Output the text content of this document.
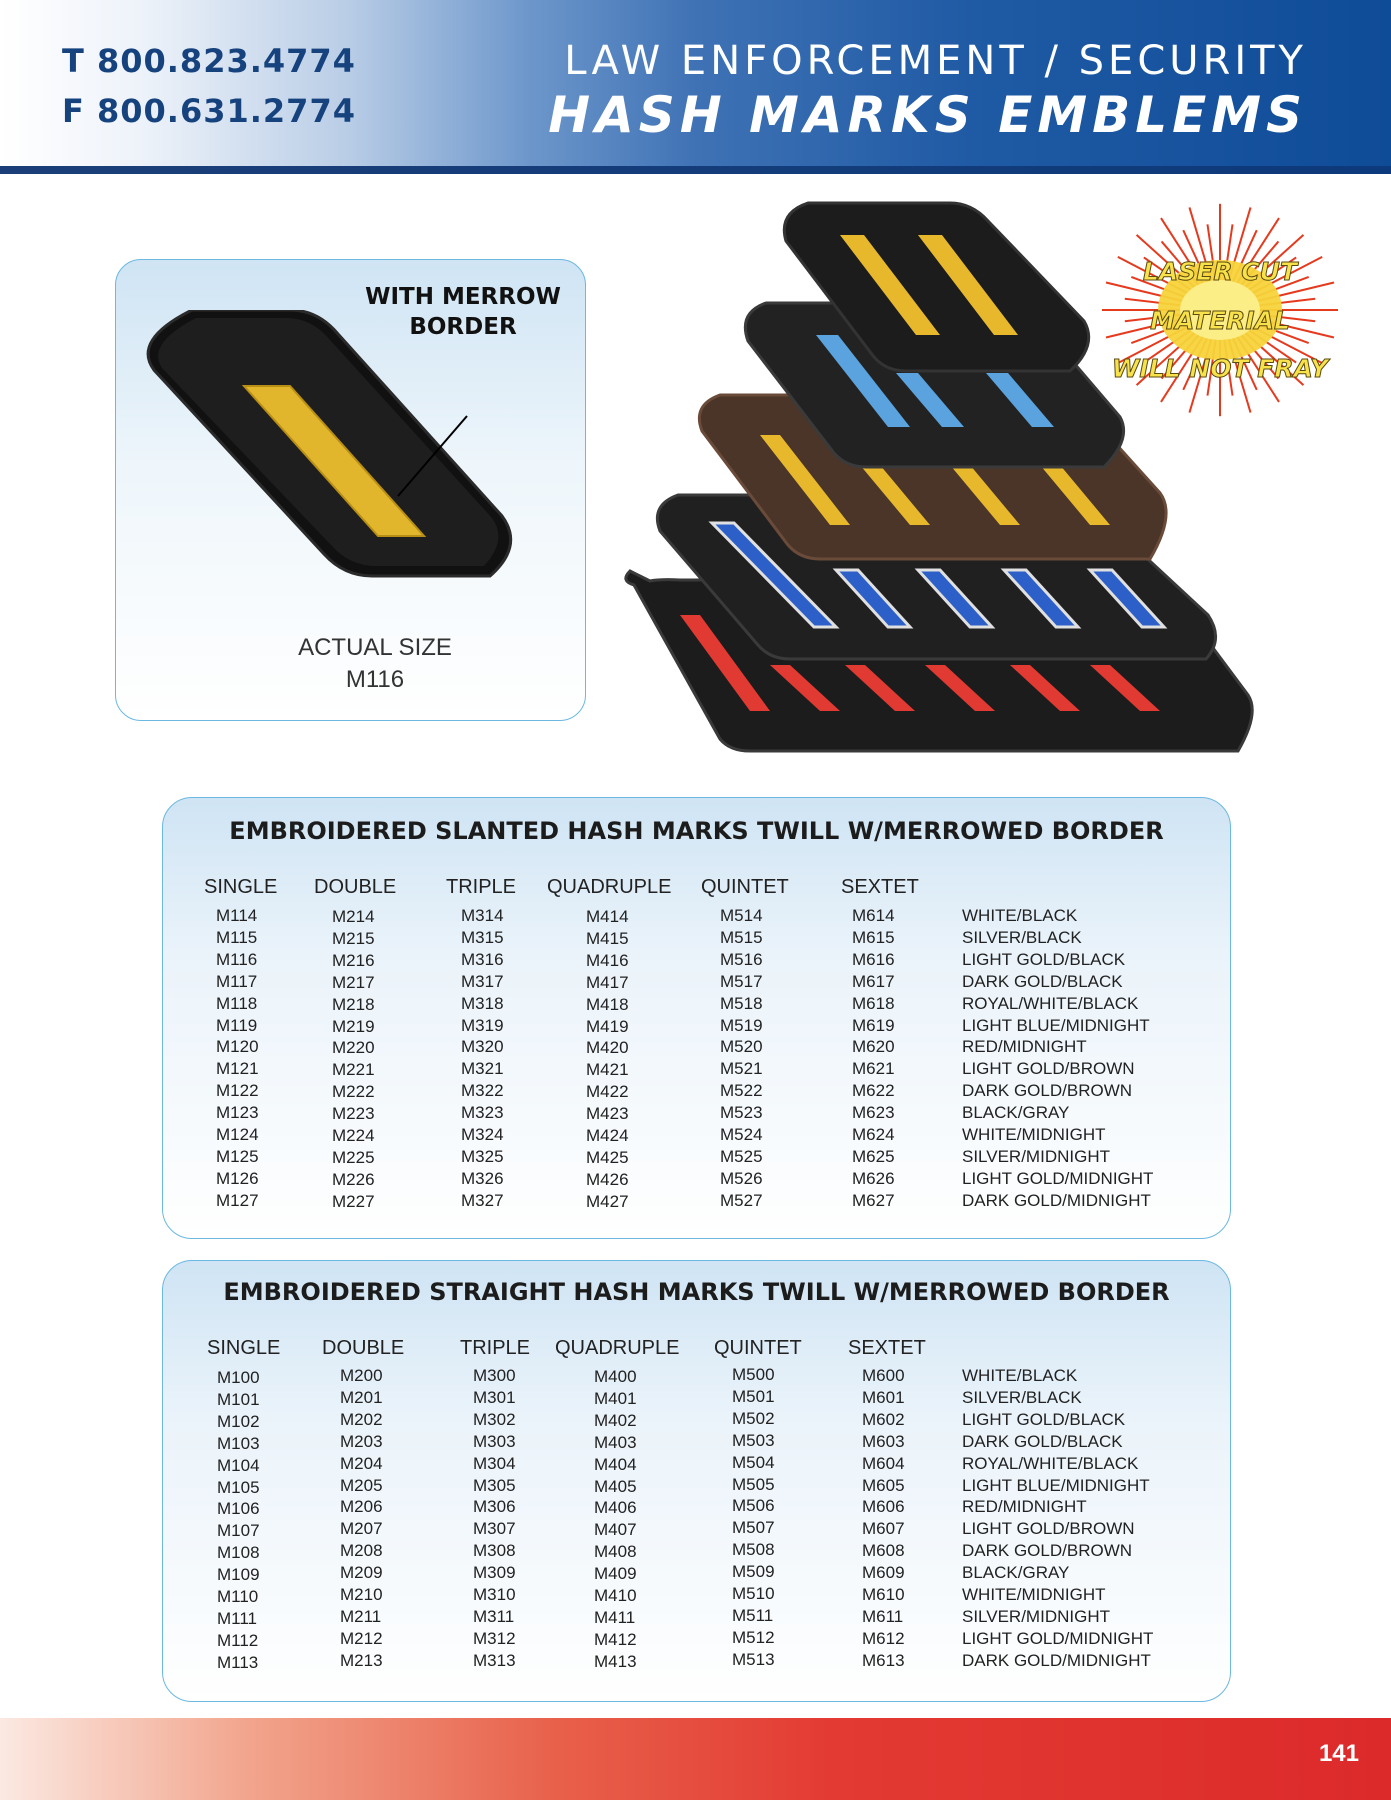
T 800.823.4774
F 800.631.2774
LAW ENFORCEMENT / SECURITY
HASH MARKS EMBLEMS
WITH MERROW BORDER
ACTUAL SIZE
M116
LASER CUT
MATERIAL
WILL NOT FRAY
EMBROIDERED SLANTED HASH MARKS TWILL W/MERROWED BORDER
SINGLE DOUBLE TRIPLE QUADRUPLE QUINTET	SEXTET
M114
M115
M116
M117
M118
M119
M120
M121
M122
M123
M124
M125
M126
M127
M214
M215
M216
M217
M218
M219
M220
M221
M222
M223
M224
M225
M226
M227
M314
M315
M316
M317
M318
M319
M320
M321
M322
M323
M324
M325
M326
M327
M414
M415
M416
M417
M418
M419
M420
M421
M422
M423
M424
M425
M426
M427
M514
M515
M516
M517
M518
M519
M520
M521
M522
M523
M524
M525
M526
M527
M614
M615
M616
M617
M618
M619
M620
M621
M622
M623
M624
M625
M626
M627
WHITE/BLACK
SILVER/BLACK
LIGHT GOLD/BLACK
DARK GOLD/BLACK
ROYAL/WHITE/BLACK
LIGHT BLUE/MIDNIGHT
RED/MIDNIGHT
LIGHT GOLD/BROWN
DARK GOLD/BROWN
BLACK/GRAY
WHITE/MIDNIGHT
SILVER/MIDNIGHT
LIGHT GOLD/MIDNIGHT
DARK GOLD/MIDNIGHT
EMBROIDERED STRAIGHT HASH MARKS TWILL W/MERROWED BORDER
SINGLE DOUBLE	TRIPLE QUADRUPLE QUINTET SEXTET
M100
M101
M102
M103
M104
M105
M106
M107
M108
M109
M110
M111
M112
M113
M200
M201
M202
M203
M204
M205
M206
M207
M208
M209
M210
M211
M212
M213
M300
M301
M302
M303
M304
M305
M306
M307
M308
M309
M310
M311
M312
M313
M400
M401
M402
M403
M404
M405
M406
M407
M408
M409
M410
M411
M412
M413
M500
M501
M502
M503
M504
M505
M506
M507
M508
M509
M510
M511
M512
M513
M600
M601
M602
M603
M604
M605
M606
M607
M608
M609
M610
M611
M612
M613
WHITE/BLACK
SILVER/BLACK
LIGHT GOLD/BLACK
DARK GOLD/BLACK
ROYAL/WHITE/BLACK
LIGHT BLUE/MIDNIGHT
RED/MIDNIGHT
LIGHT GOLD/BROWN
DARK GOLD/BROWN
BLACK/GRAY
WHITE/MIDNIGHT
SILVER/MIDNIGHT
LIGHT GOLD/MIDNIGHT
DARK GOLD/MIDNIGHT
141
